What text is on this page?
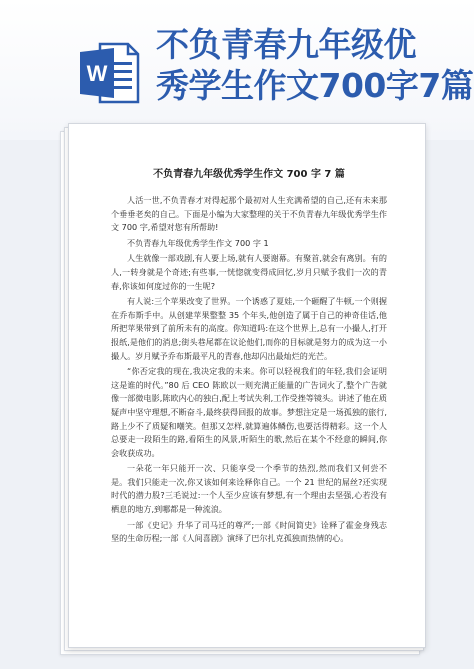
W
不负青春九年级优
秀学生作文700字7篇
不负青春九年级优秀学生作文 700 字 7 篇

人活一世,不负青春才对得起那个最初对人生充满希望的自己,还有未来那个垂垂老矣的自己。下面是小编为大家整理的关于不负青春九年级优秀学生作文 700 字,希望对您有所帮助!

不负青春九年级优秀学生作文 700 字 1

人生就像一部戏剧,有人要上场,就有人要谢幕。有聚首,就会有离别。有的人,一转身就是个奇迹;有些事,一恍惚就变得成回忆,岁月只赋予我们一次的青春,你该如何度过你的一生呢?

有人说:三个苹果改变了世界。一个诱惑了夏娃,一个砸醒了牛顿,一个则握在乔布斯手中。从创建苹果整整 35 个年头,他创造了属于自己的神奇佳话,他所把苹果带到了前所未有的高度。你知道吗:在这个世界上,总有一小撮人,打开报纸,是他们的消息;街头巷尾都在议论他们,而你的目标就是努力的成为这一小撮人。岁月赋予乔布斯最平凡的青春,他却闪出最灿烂的光芒。

“你否定我的现在,我决定我的未来。你可以轻视我们的年轻,我们会证明这是谁的时代。”80 后 CEO 陈欧以一则充满正能量的广告词火了,整个广告就像一部微电影,陈欧内心的独白,配上考试失利,工作受挫等镜头。讲述了他在质疑声中坚守理想,不断奋斗,最终获得回报的故事。梦想注定是一场孤独的旅行,路上少不了质疑和嘲笑。但那又怎样,就算遍体鳞伤,也要活得精彩。这一个人总要走一段陌生的路,看陌生的风景,听陌生的歌,然后在某个不经意的瞬间,你会收获成功。

一朵花一年只能开一次、只能享受一个季节的热烈,然而我们又何尝不是。我们只能走一次,你又该如何来诠释你自己。一个 21 世纪的屌丝?还实现时代的潜力股?三毛说过:一个人至少应该有梦想,有一个理由去坚强,心若没有栖息的地方,到哪都是一种流浪。

一部《史记》升华了司马迁的尊严;一部《时间简史》诠释了霍金身残志坚的生命历程;一部《人间喜剧》演绎了巴尔扎克孤独而热情的心。
